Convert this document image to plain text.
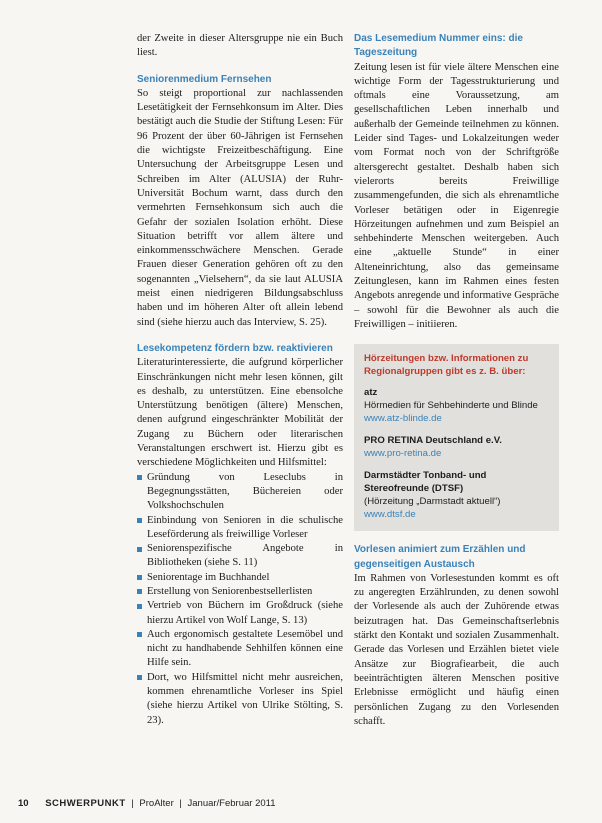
der Zweite in dieser Altersgruppe nie ein Buch liest.

Seniorenmedium Fernsehen

So steigt proportional zur nachlassenden Lesetätigkeit der Fernsehkonsum im Alter. Dies bestätigt auch die Studie der Stiftung Lesen: Für 96 Prozent der über 60-Jährigen ist Fernsehen die wichtigste Freizeitbeschäftigung. Eine Untersuchung der Arbeitsgruppe Lesen und Schreiben im Alter (ALUSIA) der Ruhr-Universität Bochum warnt, dass durch den vermehrten Fernsehkonsum sich auch die Gefahr der sozialen Isolation erhöht. Diese Situation betrifft vor allem ältere und einkommensschwächere Menschen. Gerade Frauen dieser Generation gehören oft zu den sogenannten „Vielsehern“, da sie laut ALUSIA meist einen niedrigeren Bildungsabschluss haben und im höheren Alter oft allein lebend sind (siehe hierzu auch das Interview, S. 25).

Lesekompetenz fördern bzw. reaktivieren

Literaturinteressierte, die aufgrund körperlicher Einschränkungen nicht mehr lesen können, gilt es deshalb, zu unterstützen. Eine ebensolche Unterstützung benötigen (ältere) Menschen, denen aufgrund eingeschränkter Mobilität der Zugang zu Büchern oder literarischen Veranstaltungen erschwert ist. Hierzu gibt es verschiedene Möglichkeiten und Hilfsmittel:

Gründung von Leseclubs in Begegnungsstätten, Büchereien oder Volkshochschulen
Einbindung von Senioren in die schulische Leseförderung als freiwillige Vorleser
Seniorenspezifische Angebote in Bibliotheken (siehe S. 11)
Seniorentage im Buchhandel
Erstellung von Seniorenbestsellerlisten
Vertrieb von Büchern im Großdruck (siehe hierzu Artikel von Wolf Lange, S. 13)
Auch ergonomisch gestaltete Lesemöbel und nicht zu handhabende Sehhilfen können eine Hilfe sein.
Dort, wo Hilfsmittel nicht mehr ausreichen, kommen ehrenamtliche Vorleser ins Spiel (siehe hierzu Artikel von Ulrike Stölting, S. 23).
Das Lesemedium Nummer eins: die Tageszeitung

Zeitung lesen ist für viele ältere Menschen eine wichtige Form der Tagesstrukturierung und oftmals eine Voraussetzung, am gesellschaftlichen Leben innerhalb und außerhalb der Gemeinde teilnehmen zu können. Leider sind Tages- und Lokalzeitungen weder vom Format noch von der Schriftgröße altersgerecht gestaltet. Deshalb haben sich vielerorts bereits Freiwillige zusammengefunden, die sich als ehrenamtliche Vorleser betätigen oder in Eigenregie Hörzeitungen aufnehmen und zum Beispiel an sehbehinderte Menschen weitergeben. Auch eine „aktuelle Stunde“ in einer Alteneinrichtung, also das gemeinsame Zeitunglesen, kann im Rahmen eines festen Angebots anregende und informative Gespräche – sowohl für die Bewohner als auch die Freiwilligen – initiieren.

Hörzeitungen bzw. Informationen zu Regionalgruppen gibt es z. B. über:

atz
Hörmedien für Sehbehinderte und Blinde
www.atz-blinde.de
PRO RETINA Deutschland e.V.
www.pro-retina.de
Darmstädter Tonband- und Stereofreunde (DTSF)
(Hörzeitung „Darmstadt aktuell“)
www.dtsf.de
Vorlesen animiert zum Erzählen und gegenseitigen Austausch

Im Rahmen von Vorlesestunden kommt es oft zu angeregten Erzählrunden, zu denen sowohl der Vorlesende als auch der Zuhörende etwas beizutragen hat. Das Gemeinschaftserlebnis stärkt den Kontakt und sozialen Zusammenhalt. Gerade das Vorlesen und Erzählen bietet viele Ansätze zur Biografiearbeit, die auch beeinträchtigten älteren Menschen positive Erlebnisse ermöglicht und häufig einen persönlichen Zugang zu den Vorlesenden schafft.

10 SCHWERPUNKT | ProAlter | Januar/Februar 2011
